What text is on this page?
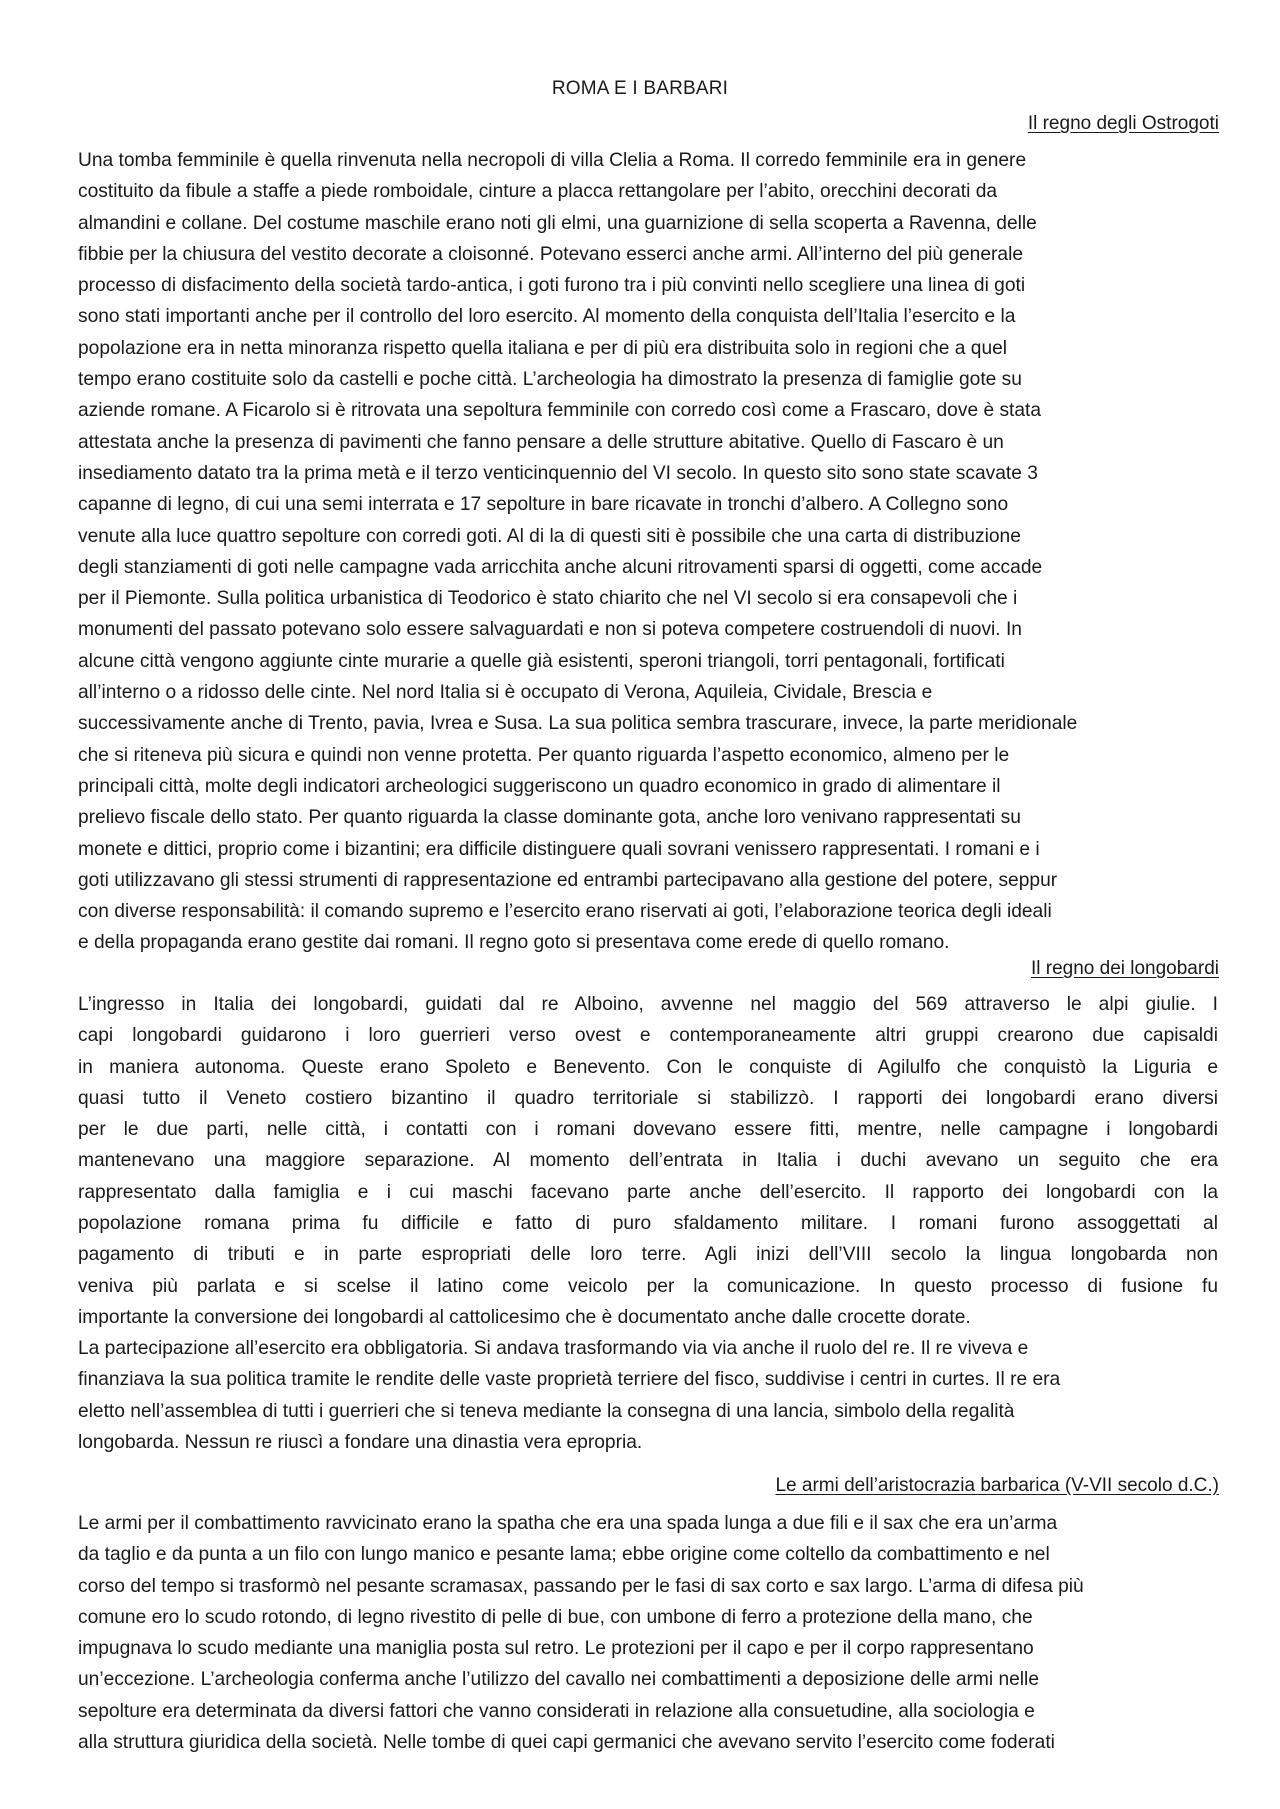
ROMA E I BARBARI
Il regno degli Ostrogoti
Una tomba femminile è quella rinvenuta nella necropoli di villa Clelia a Roma. Il corredo femminile era in genere
costituito da fibule a staffe a piede romboidale, cinture a placca rettangolare per l’abito, orecchini decorati da
almandini e collane. Del costume maschile erano noti gli elmi, una guarnizione di sella scoperta a Ravenna, delle
fibbie per la chiusura del vestito decorate a cloisonné. Potevano esserci anche armi. All’interno del più generale
processo di disfacimento della società tardo-antica, i goti furono tra i più convinti nello scegliere una linea di goti
sono stati importanti anche per il controllo del loro esercito. Al momento della conquista dell’Italia l’esercito e la
popolazione era in netta minoranza rispetto quella italiana e per di più era distribuita solo in regioni che a quel
tempo erano costituite solo da castelli e poche città. L’archeologia ha dimostrato la presenza di famiglie gote su
aziende romane. A Ficarolo si è ritrovata una sepoltura femminile con corredo così come a Frascaro, dove è stata
attestata anche la presenza di pavimenti che fanno pensare a delle strutture abitative. Quello di Fascaro è un
insediamento datato tra la prima metà e il terzo venticinquennio del VI secolo. In questo sito sono state scavate 3
capanne di legno, di cui una semi interrata e 17 sepolture in bare ricavate in tronchi d’albero. A Collegno sono
venute alla luce quattro sepolture con corredi goti. Al di la di questi siti è possibile che una carta di distribuzione
degli stanziamenti di goti nelle campagne vada arricchita anche alcuni ritrovamenti sparsi di oggetti, come accade
per il Piemonte. Sulla politica urbanistica di Teodorico è stato chiarito che nel VI secolo si era consapevoli che i
monumenti del passato potevano solo essere salvaguardati e non si poteva competere costruendoli di nuovi. In
alcune città vengono aggiunte cinte murarie a quelle già esistenti, speroni triangoli, torri pentagonali, fortificati
all’interno o a ridosso delle cinte. Nel nord Italia si è occupato di Verona, Aquileia, Cividale, Brescia e
successivamente anche di Trento, pavia, Ivrea e Susa. La sua politica sembra trascurare, invece, la parte meridionale
che si riteneva più sicura e quindi non venne protetta. Per quanto riguarda l’aspetto economico, almeno per le
principali città, molte degli indicatori archeologici suggeriscono un quadro economico in grado di alimentare il
prelievo fiscale dello stato. Per quanto riguarda la classe dominante gota, anche loro venivano rappresentati su
monete e dittici, proprio come i bizantini; era difficile distinguere quali sovrani venissero rappresentati. I romani e i
goti utilizzavano gli stessi strumenti di rappresentazione ed entrambi partecipavano alla gestione del potere, seppur
con diverse responsabilità: il comando supremo e l’esercito erano riservati ai goti, l’elaborazione teorica degli ideali
e della propaganda erano gestite dai romani. Il regno goto si presentava come erede di quello romano.
Il regno dei longobardi
L’ingresso in Italia dei longobardi, guidati dal re Alboino, avvenne nel maggio del 569 attraverso le alpi giulie. I
capi longobardi guidarono i loro guerrieri verso ovest e contemporaneamente altri gruppi crearono due capisaldi
in maniera autonoma. Queste erano Spoleto e Benevento. Con le conquiste di Agilulfo che conquistò la Liguria e
quasi tutto il Veneto costiero bizantino il quadro territoriale si stabilizzò. I rapporti dei longobardi erano diversi
per le due parti, nelle città, i contatti con i romani dovevano essere fitti, mentre, nelle campagne i longobardi
mantenevano una maggiore separazione. Al momento dell’entrata in Italia i duchi avevano un seguito che era
rappresentato dalla famiglia e i cui maschi facevano parte anche dell’esercito. Il rapporto dei longobardi con la
popolazione romana prima fu difficile e fatto di puro sfaldamento militare. I romani furono assoggettati al
pagamento di tributi e in parte espropriati delle loro terre. Agli inizi dell’VIII secolo la lingua longobarda non
veniva più parlata e si scelse il latino come veicolo per la comunicazione. In questo processo di fusione fu
importante la conversione dei longobardi al cattolicesimo che è documentato anche dalle crocette dorate.
La partecipazione all’esercito era obbligatoria. Si andava trasformando via via anche il ruolo del re. Il re viveva e
finanziava la sua politica tramite le rendite delle vaste proprietà terriere del fisco, suddivise i centri in curtes. Il re era
eletto nell’assemblea di tutti i guerrieri che si teneva mediante la consegna di una lancia, simbolo della regalità
longobarda. Nessun re riuscì a fondare una dinastia vera epropria.
Le armi dell’aristocrazia barbarica (V-VII secolo d.C.)
Le armi per il combattimento ravvicinato erano la spatha che era una spada lunga a due fili e il sax che era un’arma
da taglio e da punta a un filo con lungo manico e pesante lama; ebbe origine come coltello da combattimento e nel
corso del tempo si trasformò nel pesante scramasax, passando per le fasi di sax corto e sax largo. L’arma di difesa più
comune ero lo scudo rotondo, di legno rivestito di pelle di bue, con umbone di ferro a protezione della mano, che
impugnava lo scudo mediante una maniglia posta sul retro. Le protezioni per il capo e per il corpo rappresentano
un’eccezione. L’archeologia conferma anche l’utilizzo del cavallo nei combattimenti a deposizione delle armi nelle
sepolture era determinata da diversi fattori che vanno considerati in relazione alla consuetudine, alla sociologia e
alla struttura giuridica della società. Nelle tombe di quei capi germanici che avevano servito l’esercito come foderati
